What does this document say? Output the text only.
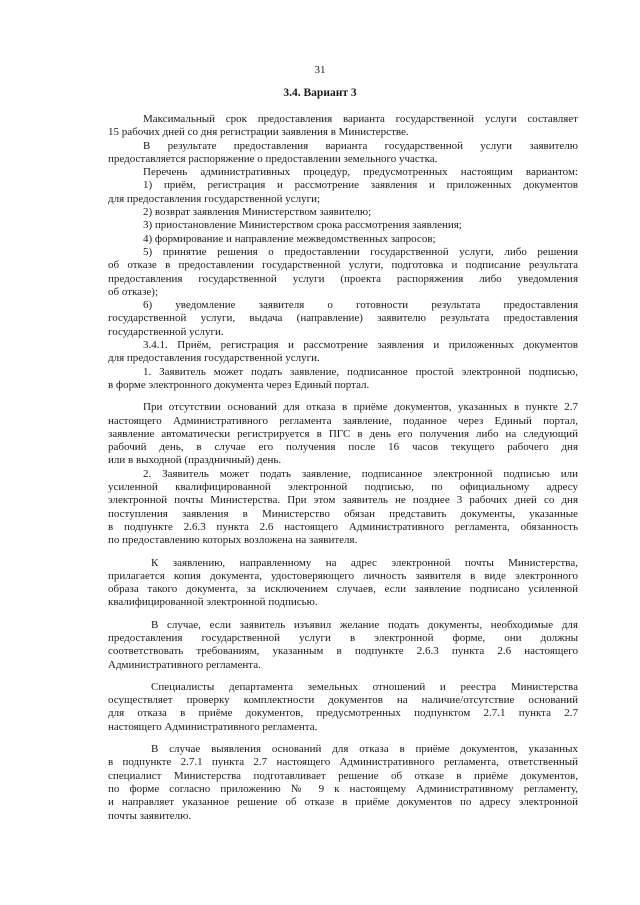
31
3.4. Вариант 3
Максимальный срок предоставления варианта государственной услуги составляет
15 рабочих дней со дня регистрации заявления в Министерстве.
В результате предоставления варианта государственной услуги заявителю
предоставляется распоряжение о предоставлении земельного участка.
Перечень административных процедур, предусмотренных настоящим вариантом:
1) приём, регистрация и рассмотрение заявления и приложенных документов
для предоставления государственной услуги;
2) возврат заявления Министерством заявителю;
3) приостановление Министерством срока рассмотрения заявления;
4) формирование и направление межведомственных запросов;
5) принятие решения о предоставлении государственной услуги, либо решения
об отказе в предоставлении государственной услуги, подготовка и подписание результата
предоставления государственной услуги (проекта распоряжения либо уведомления
об отказе);
6) уведомление заявителя о готовности результата предоставления
государственной услуги, выдача (направление) заявителю результата предоставления
государственной услуги.
3.4.1. Приём, регистрация и рассмотрение заявления и приложенных документов
для предоставления государственной услуги.
1. Заявитель может подать заявление, подписанное простой электронной подписью,
в форме электронного документа через Единый портал.
При отсутствии оснований для отказа в приёме документов, указанных в пункте 2.7
настоящего Административного регламента заявление, поданное через Единый портал,
заявление автоматически регистрируется в ПГС в день его получения либо на следующий
рабочий день, в случае его получения после 16 часов текущего рабочего дня
или в выходной (праздничный) день.
2. Заявитель может подать заявление, подписанное электронной подписью или
усиленной квалифицированной электронной подписью, по официальному адресу
электронной почты Министерства. При этом заявитель не позднее 3 рабочих дней со дня
поступления заявления в Министерство обязан представить документы, указанные
в подпункте 2.6.3 пункта 2.6 настоящего Административного регламента, обязанность
по предоставлению которых возложена на заявителя.
К заявлению, направленному на адрес электронной почты Министерства,
прилагается копия документа, удостоверяющего личность заявителя в виде электронного
образа такого документа, за исключением случаев, если заявление подписано усиленной
квалифицированной электронной подписью.
В случае, если заявитель изъявил желание подать документы, необходимые для
предоставления государственной услуги в электронной форме, они должны
соответствовать требованиям, указанным в подпункте 2.6.3 пункта 2.6 настоящего
Административного регламента.
Специалисты департамента земельных отношений и реестра Министерства
осуществляет проверку комплектности документов на наличие/отсутствие оснований
для отказа в приёме документов, предусмотренных подпунктом 2.7.1 пункта 2.7
настоящего Административного регламента.
В случае выявления оснований для отказа в приёме документов, указанных
в подпункте 2.7.1 пункта 2.7 настоящего Административного регламента, ответственный
специалист Министерства подготавливает решение об отказе в приёме документов,
по форме согласно приложению № 9 к настоящему Административному регламенту,
и направляет указанное решение об отказе в приёме документов по адресу электронной
почты заявителю.
